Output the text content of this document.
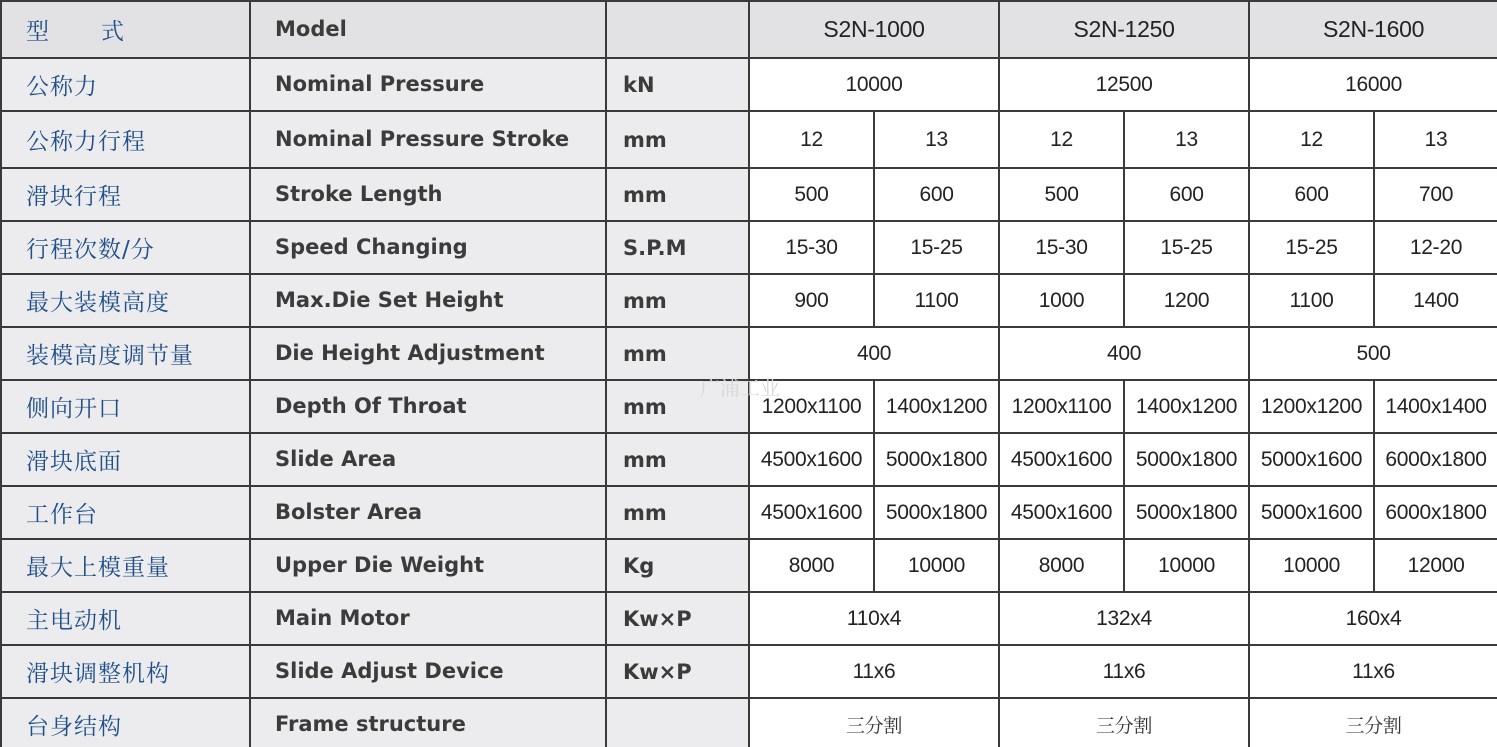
型　　式	Model		S2N-1000		S2N-1250		S2N-1600	
公称力	Nominal Pressure	kN	10000		12500		16000	
公称力行程	Nominal Pressure Stroke	mm	12	13	12	13	12	13
滑块行程	Stroke Length	mm	500	600	500	600	600	700
行程次数/分	Speed Changing	S.P.M	15-30	15-25	15-30	15-25	15-25	12-20
最大装模高度	Max.Die Set Height	mm	900	1100	1000	1200	1100	1400
装模高度调节量	Die Height Adjustment	mm	400		400		500	
侧向开口	Depth Of Throat	mm	1200x1100	1400x1200	1200x1100	1400x1200	1200x1200	1400x1400
滑块底面	Slide Area	mm	4500x1600	5000x1800	4500x1600	5000x1800	5000x1600	6000x1800
工作台	Bolster Area	mm	4500x1600	5000x1800	4500x1600	5000x1800	5000x1600	6000x1800
最大上模重量	Upper Die Weight	Kg	8000	10000	8000	10000	10000	12000
主电动机	Main Motor	Kw×P	110x4		132x4		160x4	
滑块调整机构	Slide Adjust Device	Kw×P	11x6		11x6		11x6	
台身结构	Frame structure		三分割		三分割		三分割	
广浦工业
